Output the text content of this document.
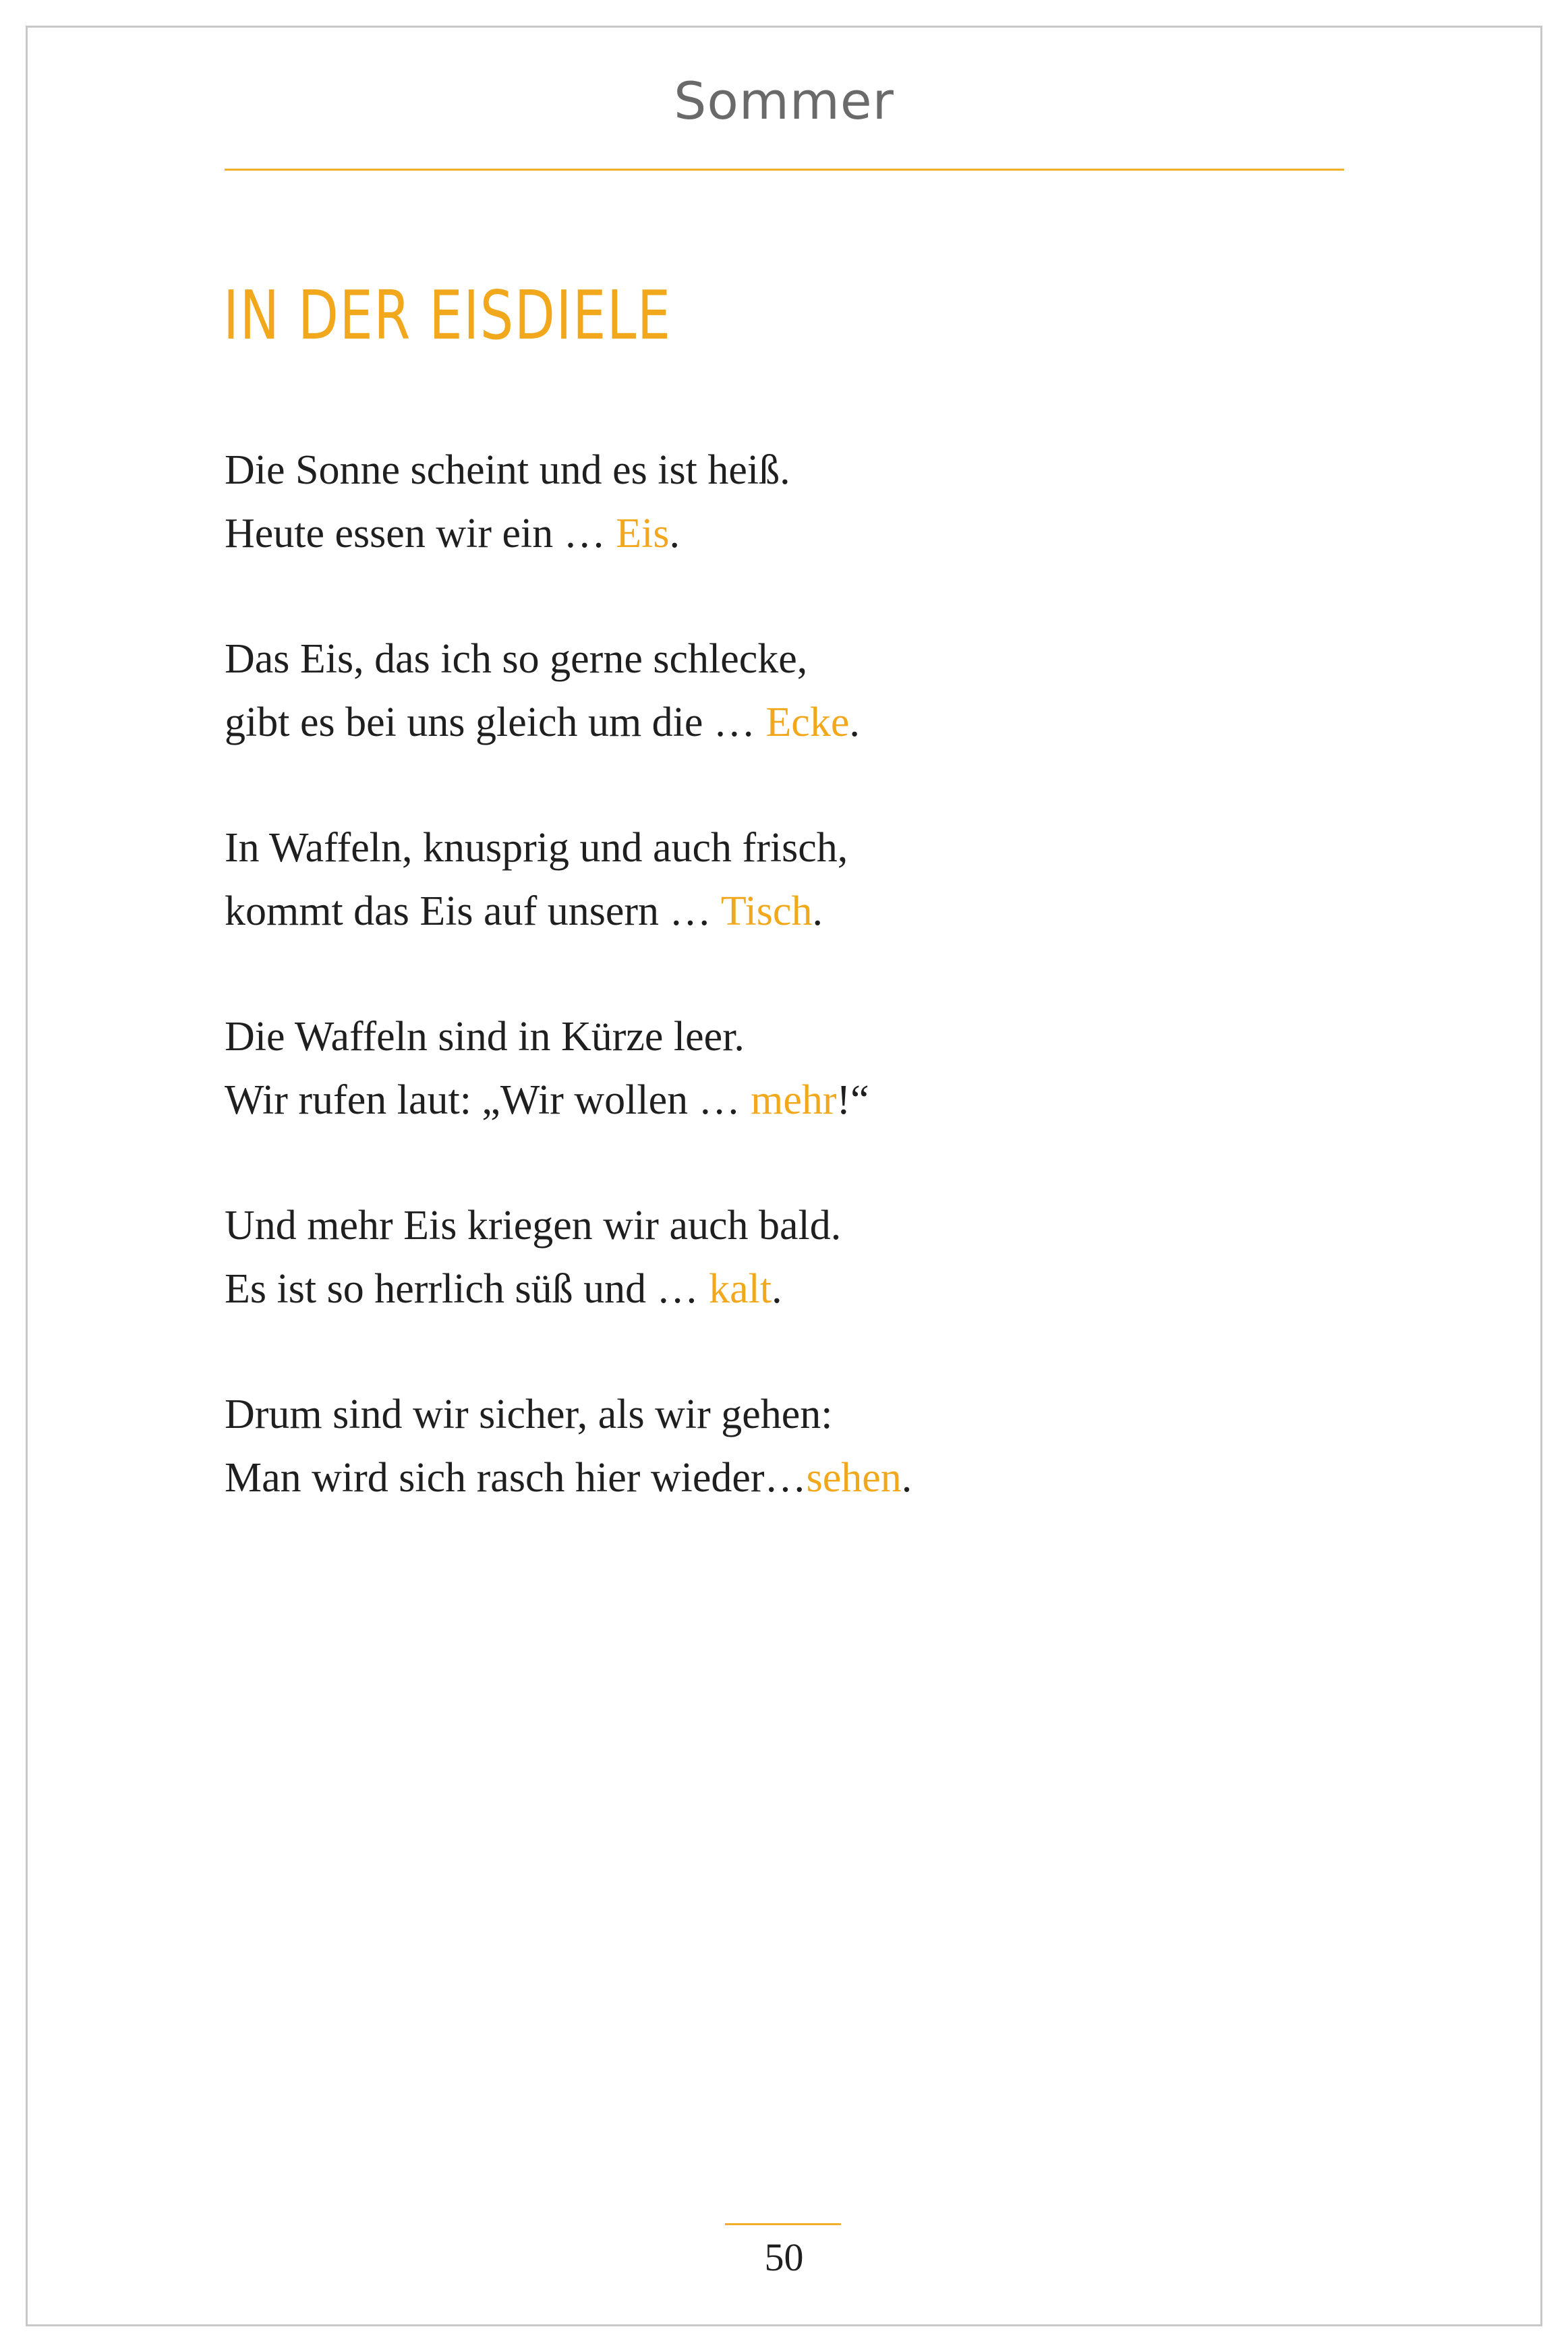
Sommer
IN DER EISDIELE
Die Sonne scheint und es ist heiß.
Heute essen wir ein … Eis.
Das Eis, das ich so gerne schlecke,
gibt es bei uns gleich um die … Ecke.
In Waffeln, knusprig und auch frisch,
kommt das Eis auf unsern … Tisch.
Die Waffeln sind in Kürze leer.
Wir rufen laut: „Wir wollen … mehr!“
Und mehr Eis kriegen wir auch bald.
Es ist so herrlich süß und … kalt.
Drum sind wir sicher, als wir gehen:
Man wird sich rasch hier wieder…sehen.
50
